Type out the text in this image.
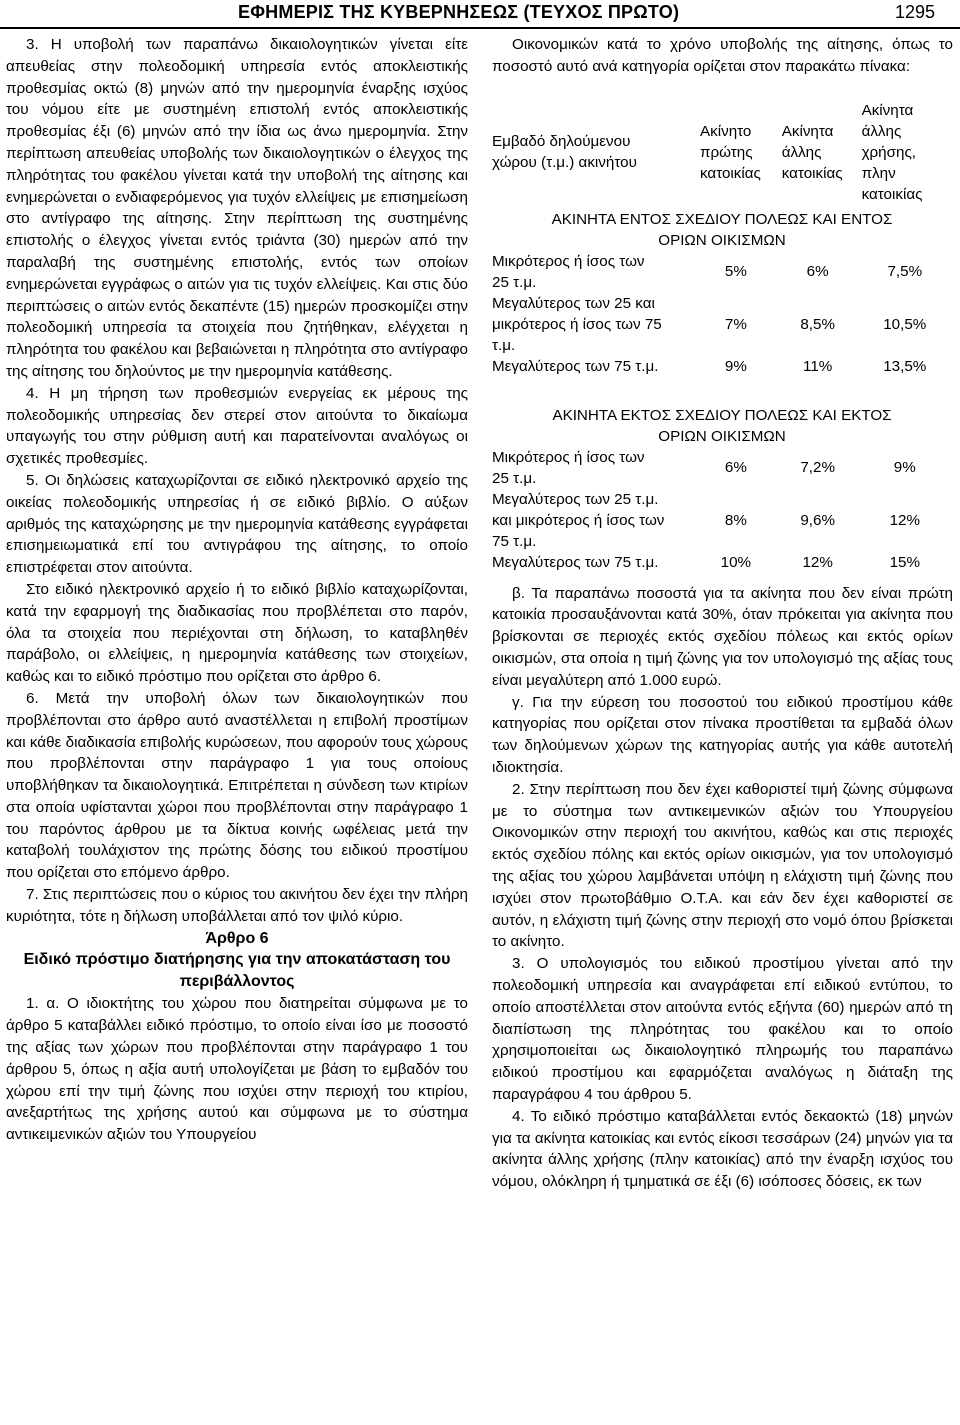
ΕΦΗΜΕΡΙΣ ΤΗΣ ΚΥΒΕΡΝΗΣΕΩΣ (ΤΕΥΧΟΣ ΠΡΩΤΟ)	1295

3. Η υποβολή των παραπάνω δικαιολογητικών γίνεται είτε απευθείας στην πολεοδομική υπηρεσία εντός αποκλειστικής προθεσμίας οκτώ (8) μηνών από την ημερομηνία έναρξης ισχύος του νόμου είτε με συστημένη επιστολή εντός αποκλειστικής προθεσμίας έξι (6) μηνών από την ίδια ως άνω ημερομηνία. Στην περίπτωση απευθείας υποβολής των δικαιολογητικών ο έλεγχος της πληρότητας του φακέλου γίνεται κατά την υποβολή της αίτησης και ενημερώνεται ο ενδιαφερόμενος για τυχόν ελλείψεις με επισημείωση στο αντίγραφο της αίτησης. Στην περίπτωση της συστημένης επιστολής ο έλεγχος γίνεται εντός τριάντα (30) ημερών από την παραλαβή της συστημένης επιστολής, εντός των οποίων ενημερώνεται εγγράφως ο αιτών για τις τυχόν ελλείψεις. Και στις δύο περιπτώσεις ο αιτών εντός δεκαπέντε (15) ημερών προσκομίζει στην πολεοδομική υπηρεσία τα στοιχεία που ζητήθηκαν, ελέγχεται η πληρότητα του φακέλου και βεβαιώνεται η πληρότητα στο αντίγραφο της αίτησης του δηλούντος με την ημερομηνία κατάθεσης.

4. Η μη τήρηση των προθεσμιών ενεργείας εκ μέρους της πολεοδομικής υπηρεσίας δεν στερεί στον αιτούντα το δικαίωμα υπαγωγής του στην ρύθμιση αυτή και παρατείνονται αναλόγως οι σχετικές προθεσμίες.

5. Οι δηλώσεις καταχωρίζονται σε ειδικό ηλεκτρονικό αρχείο της οικείας πολεοδομικής υπηρεσίας ή σε ειδικό βιβλίο. Ο αύξων αριθμός της καταχώρησης με την ημερομηνία κατάθεσης εγγράφεται επισημειωματικά επί του αντιγράφου της αίτησης, το οποίο επιστρέφεται στον αιτούντα.

Στο ειδικό ηλεκτρονικό αρχείο ή το ειδικό βιβλίο καταχωρίζονται, κατά την εφαρμογή της διαδικασίας που προβλέπεται στο παρόν, όλα τα στοιχεία που περιέχονται στη δήλωση, το καταβληθέν παράβολο, οι ελλείψεις, η ημερομηνία κατάθεσης των στοιχείων, καθώς και το ειδικό πρόστιμο που ορίζεται στο άρθρο 6.

6. Μετά την υποβολή όλων των δικαιολογητικών που προβλέπονται στο άρθρο αυτό αναστέλλεται η επιβολή προστίμων και κάθε διαδικασία επιβολής κυρώσεων, που αφορούν τους χώρους που προβλέπονται στην παράγραφο 1 για τους οποίους υποβλήθηκαν τα δικαιολογητικά. Επιτρέπεται η σύνδεση των κτιρίων στα οποία υφίστανται χώροι που προβλέπονται στην παράγραφο 1 του παρόντος άρθρου με τα δίκτυα κοινής ωφέλειας μετά την καταβολή τουλάχιστον της πρώτης δόσης του ειδικού προστίμου που ορίζεται στο επόμενο άρθρο.

7. Στις περιπτώσεις που ο κύριος του ακινήτου δεν έχει την πλήρη κυριότητα, τότε η δήλωση υποβάλλεται από τον ψιλό κύριο.

Άρθρο 6

Ειδικό πρόστιμο διατήρησης για την αποκατάσταση του περιβάλλοντος

1. α. Ο ιδιοκτήτης του χώρου που διατηρείται σύμφωνα με το άρθρο 5 καταβάλλει ειδικό πρόστιμο, το οποίο είναι ίσο με ποσοστό της αξίας των χώρων που προβλέπονται στην παράγραφο 1 του άρθρου 5, όπως η αξία αυτή υπολογίζεται με βάση το εμβαδόν του χώρου επί την τιμή ζώνης που ισχύει στην περιοχή του κτιρίου, ανεξαρτήτως της χρήσης αυτού και σύμφωνα με το σύστημα αντικειμενικών αξιών του Υπουργείου

Οικονομικών κατά το χρόνο υποβολής της αίτησης, όπως το ποσοστό αυτό ανά κατηγορία ορίζεται στον παρακάτω πίνακα:

Εμβαδό δηλούμενου χώρου (τ.μ.) ακινήτου	Ακίνητο πρώτης κατοικίας	Ακίνητα άλλης κατοικίας	Ακίνητα άλλης χρήσης, πλην κατοικίας
ΑΚΙΝΗΤΑ ΕΝΤΟΣ ΣΧΕΔΙΟΥ ΠΟΛΕΩΣ ΚΑΙ ΕΝΤΟΣ ΟΡΙΩΝ ΟΙΚΙΣΜΩΝ			
Μικρότερος ή ίσος των 25 τ.μ.	5%	6%	7,5%
Μεγαλύτερος των 25 και μικρότερος ή ίσος των 75 τ.μ.	7%	8,5%	10,5%
Μεγαλύτερος των 75 τ.μ.	9%	11%	13,5%

ΑΚΙΝΗΤΑ ΕΚΤΟΣ ΣΧΕΔΙΟΥ ΠΟΛΕΩΣ ΚΑΙ ΕΚΤΟΣ ΟΡΙΩΝ ΟΙΚΙΣΜΩΝ			
Μικρότερος ή ίσος των 25 τ.μ.	6%	7,2%	9%
Μεγαλύτερος των 25 τ.μ. και μικρότερος ή ίσος των 75 τ.μ.	8%	9,6%	12%
Μεγαλύτερος των 75 τ.μ.	10%	12%	15%

β. Τα παραπάνω ποσοστά για τα ακίνητα που δεν είναι πρώτη κατοικία προσαυξάνονται κατά 30%, όταν πρόκειται για ακίνητα που βρίσκονται σε περιοχές εκτός σχεδίου πόλεως και εκτός ορίων οικισμών, στα οποία η τιμή ζώνης για τον υπολογισμό της αξίας τους είναι μεγαλύτερη από 1.000 ευρώ.

γ. Για την εύρεση του ποσοστού του ειδικού προστίμου κάθε κατηγορίας που ορίζεται στον πίνακα προστίθεται τα εμβαδά όλων των δηλούμενων χώρων της κατηγορίας αυτής για κάθε αυτοτελή ιδιοκτησία.

2. Στην περίπτωση που δεν έχει καθοριστεί τιμή ζώνης σύμφωνα με το σύστημα των αντικειμενικών αξιών του Υπουργείου Οικονομικών στην περιοχή του ακινήτου, καθώς και στις περιοχές εκτός σχεδίου πόλης και εκτός ορίων οικισμών, για τον υπολογισμό της αξίας του χώρου λαμβάνεται υπόψη η ελάχιστη τιμή ζώνης που ισχύει στον πρωτοβάθμιο Ο.Τ.Α. και εάν δεν έχει καθοριστεί σε αυτόν, η ελάχιστη τιμή ζώνης στην περιοχή στο νομό όπου βρίσκεται το ακίνητο.

3. Ο υπολογισμός του ειδικού προστίμου γίνεται από την πολεοδομική υπηρεσία και αναγράφεται επί ειδικού εντύπου, το οποίο αποστέλλεται στον αιτούντα εντός εξήντα (60) ημερών από τη διαπίστωση της πληρότητας του φακέλου και το οποίο χρησιμοποιείται ως δικαιολογητικό πληρωμής του παραπάνω ειδικού προστίμου και εφαρμόζεται αναλόγως η διάταξη της παραγράφου 4 του άρθρου 5.

4. Το ειδικό πρόστιμο καταβάλλεται εντός δεκαοκτώ (18) μηνών για τα ακίνητα κατοικίας και εντός είκοσι τεσσάρων (24) μηνών για τα ακίνητα άλλης χρήσης (πλην κατοικίας) από την έναρξη ισχύος του νόμου, ολόκληρη ή τμηματικά σε έξι (6) ισόποσες δόσεις, εκ των
